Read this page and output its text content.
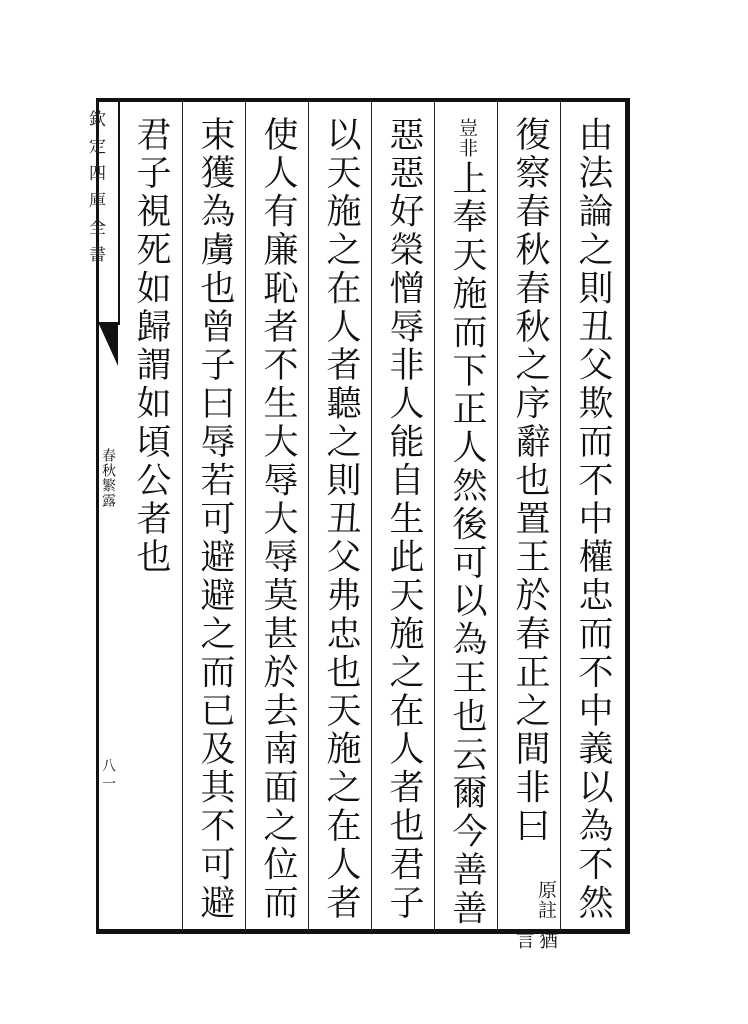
欽定四庫全書
春秋繁露
八一	由法論之則丑父欺而不中權忠而不中義以為不然
復察春秋春秋之序辭也置王於春正之間非曰
原註
猶言
豈非
上奉天施而下正人然後可以為王也云爾今善善
惡惡好榮憎辱非人能自生此天施之在人者也君子
以天施之在人者聽之則丑父弗忠也天施之在人者
使人有廉恥者不生大辱大辱莫甚於去南面之位而
束獲為虜也曾子曰辱若可避避之而已及其不可避
君子視死如歸謂如頃公者也
